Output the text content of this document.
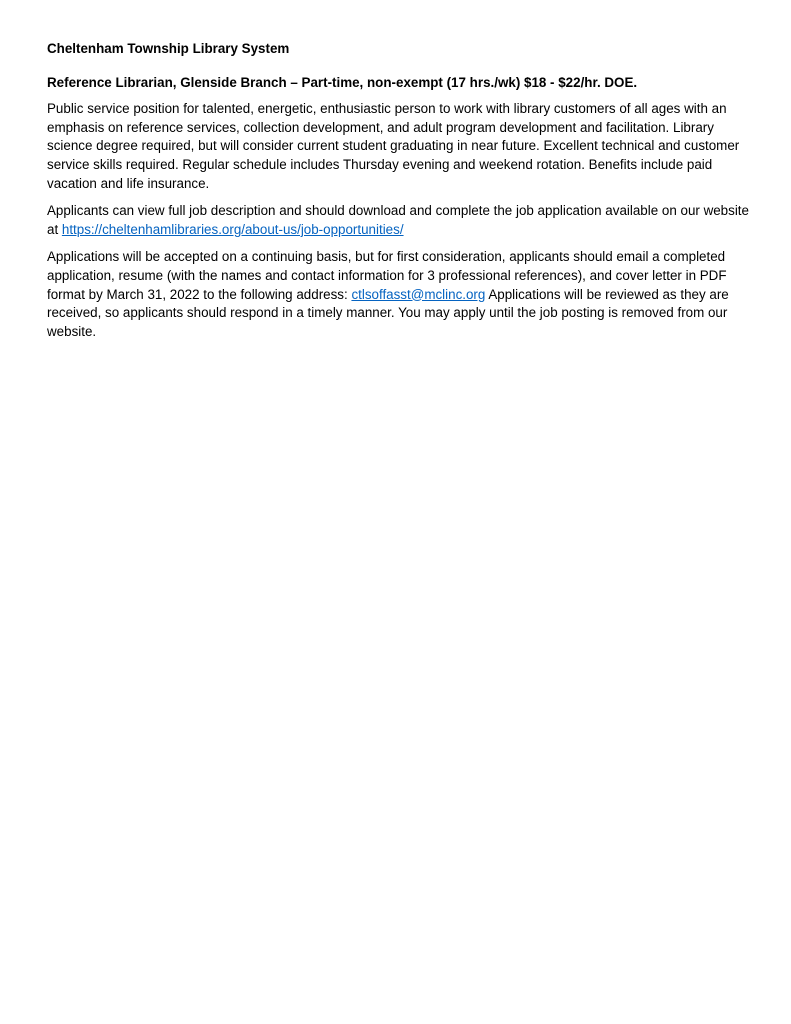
Cheltenham Township Library System

Reference Librarian, Glenside Branch – Part-time, non-exempt (17 hrs./wk) $18 - $22/hr. DOE.

Public service position for talented, energetic, enthusiastic person to work with library customers of all ages with an emphasis on reference services, collection development, and adult program development and facilitation. Library science degree required, but will consider current student graduating in near future. Excellent technical and customer service skills required. Regular schedule includes Thursday evening and weekend rotation. Benefits include paid vacation and life insurance.

Applicants can view full job description and should download and complete the job application available on our website at https://cheltenhamlibraries.org/about-us/job-opportunities/

Applications will be accepted on a continuing basis, but for first consideration, applicants should email a completed application, resume (with the names and contact information for 3 professional references), and cover letter in PDF format by March 31, 2022 to the following address: ctlsoffasst@mclinc.org Applications will be reviewed as they are received, so applicants should respond in a timely manner. You may apply until the job posting is removed from our website.
